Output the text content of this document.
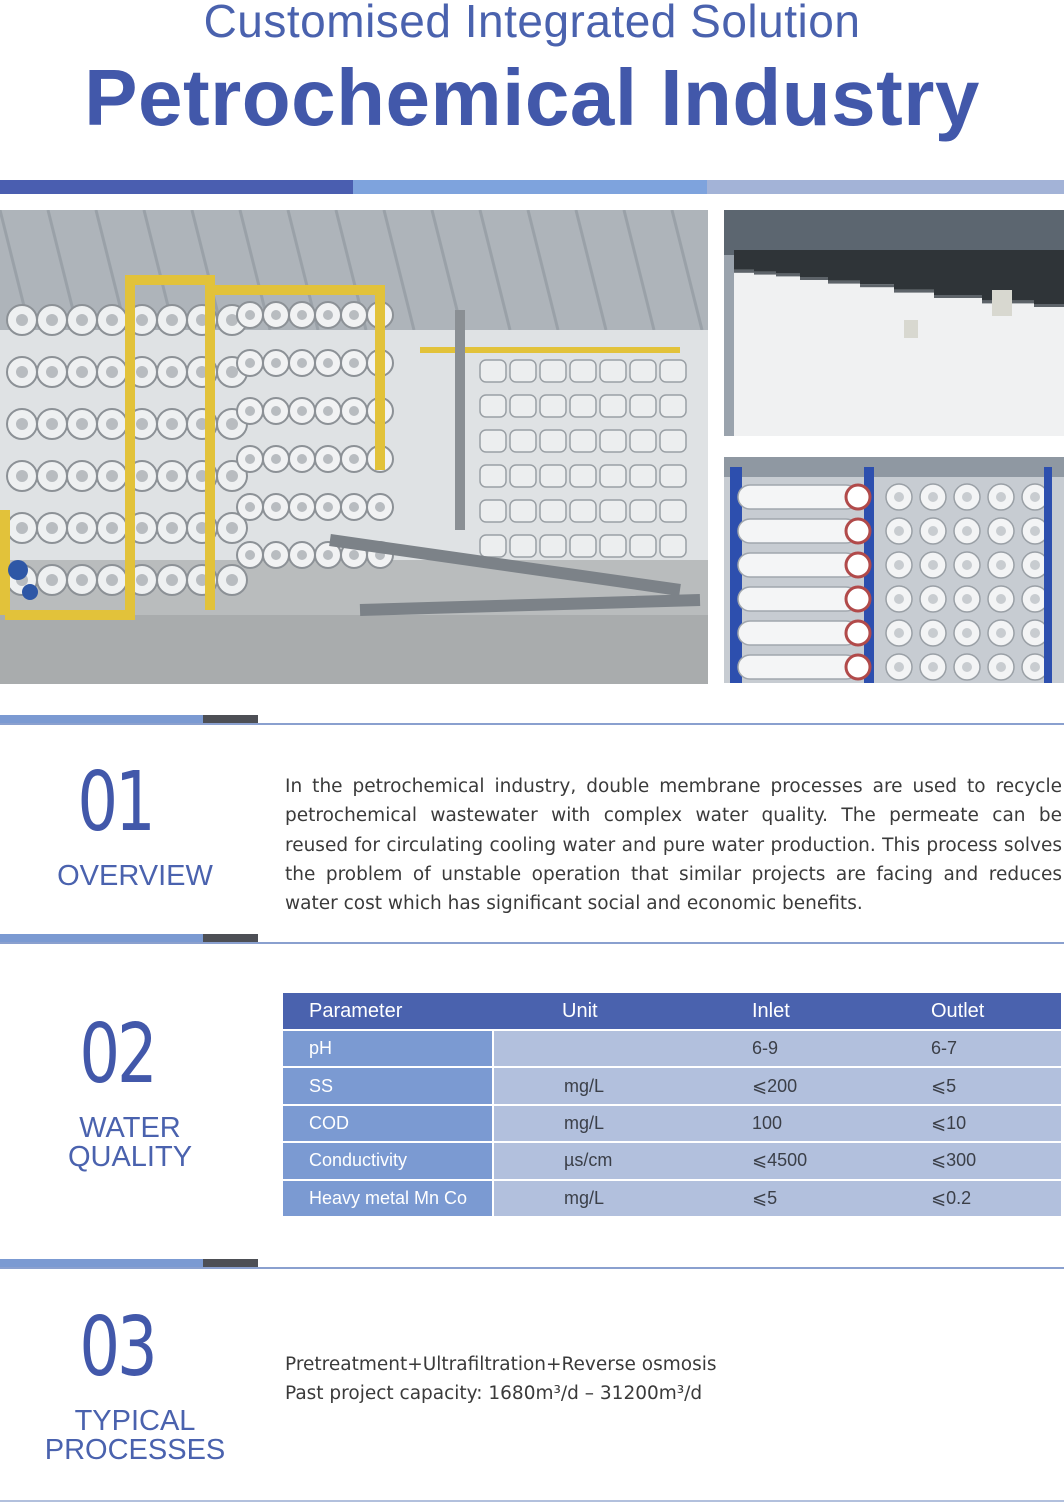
Customised Integrated Solution
Petrochemical Industry
01
OVERVIEW
In the petrochemical industry, double membrane processes are used to recycle petrochemical wastewater with complex water quality. The permeate can be reused for circulating cooling water and pure water production. This process solves the problem of unstable operation that similar projects are facing and reduces water cost which has significant social and economic benefits.
02
WATER
QUALITY
Parameter	Unit	Inlet	Outlet
pH		6-9	6-7
SS	mg/L	⩽200	⩽5
COD	mg/L	100	⩽10
Conductivity	µs/cm	⩽4500	⩽300
Heavy metal Mn Co	mg/L	⩽5	⩽0.2
03
TYPICAL
PROCESSES
Pretreatment+Ultrafiltration+Reverse osmosis
Past project capacity: 1680m³/d – 31200m³/d
